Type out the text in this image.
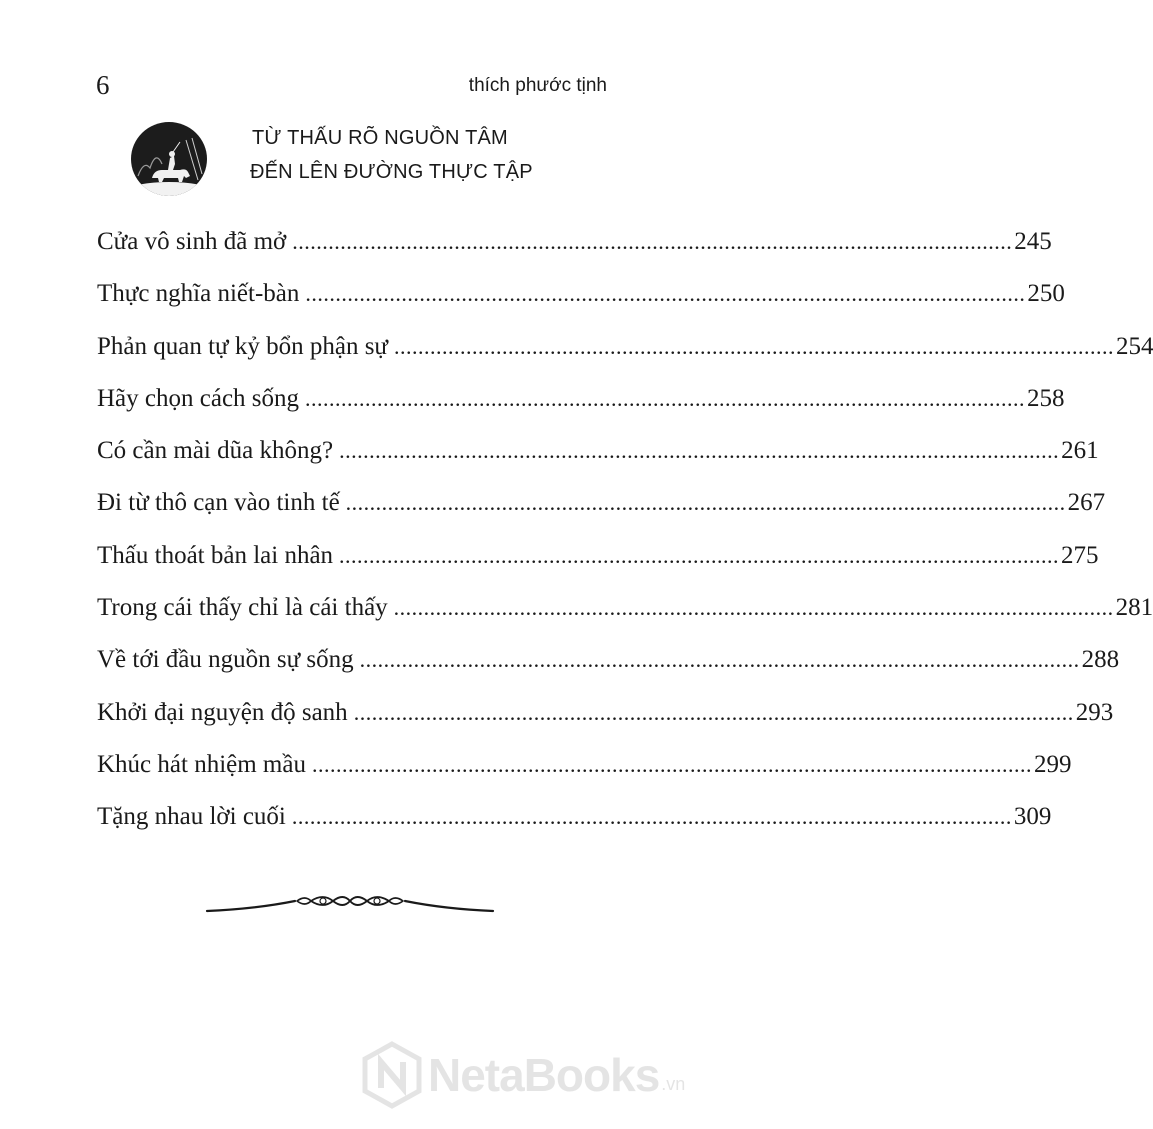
6	thích phước tịnh
TỪ THẤU RÕ NGUỒN TÂM
ĐẾN LÊN ĐƯỜNG THỰC TẬP
Cửa vô sinh đã mở ........................................................................................................................ 245
Thực nghĩa niết-bàn ........................................................................................................................ 250
Phản quan tự kỷ bổn phận sự ........................................................................................................................ 254
Hãy chọn cách sống ........................................................................................................................ 258
Có cần mài dũa không? ........................................................................................................................ 261
Đi từ thô cạn vào tinh tế ........................................................................................................................ 267
Thấu thoát bản lai nhân ........................................................................................................................ 275
Trong cái thấy chỉ là cái thấy ........................................................................................................................ 281
Về tới đầu nguồn sự sống ........................................................................................................................ 288
Khởi đại nguyện độ sanh ........................................................................................................................ 293
Khúc hát nhiệm mầu ........................................................................................................................ 299
Tặng nhau lời cuối ........................................................................................................................ 309
NetaBooks .vn
